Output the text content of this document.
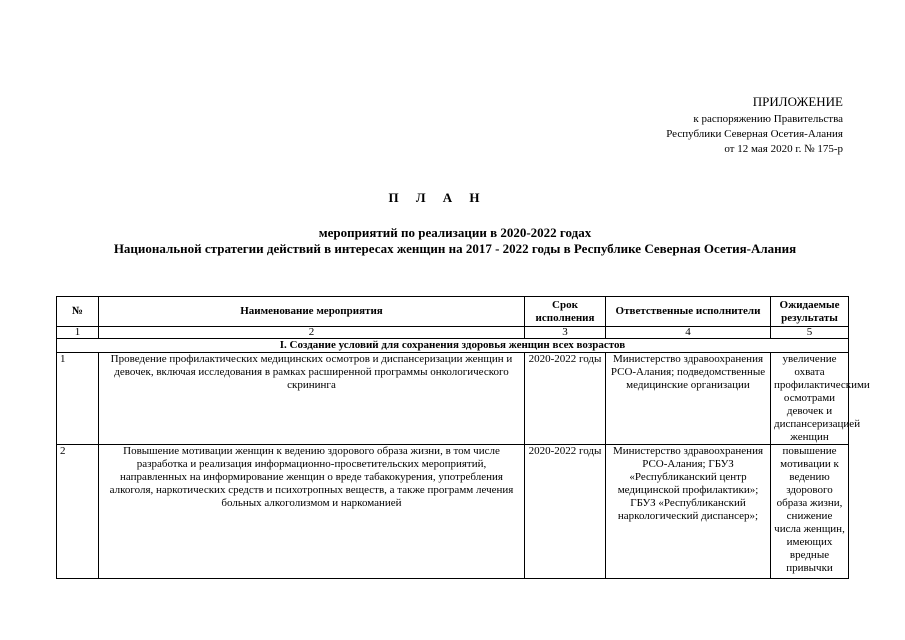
ПРИЛОЖЕНИЕ
к распоряжению Правительства
Республики Северная Осетия-Алания
от 12 мая 2020 г. № 175-р
П Л А Н
мероприятий по реализации в 2020-2022 годах
Национальной стратегии действий в интересах женщин на 2017 - 2022 годы в Республике Северная Осетия-Алания
№	Наименование мероприятия	Срок исполнения	Ответственные исполнители	Ожидаемые результаты
1	2	3	4	5
I. Создание условий для сохранения здоровья женщин всех возрастов				
1	Проведение профилактических медицинских осмотров и диспансеризации женщин и девочек, включая исследования в рамках расширенной программы онкологического скрининга	2020-2022 годы	Министерство здравоохранения РСО-Алания; подведомственные медицинские организации	увеличение охвата профилактическими осмотрами девочек и диспансеризацией женщин
2	Повышение мотивации женщин к ведению здорового образа жизни, в том числе разработка и реализация информационно-просветительских мероприятий, направленных на информирование женщин о вреде табакокурения, употребления алкоголя, наркотических средств и психотропных веществ, а также программ лечения больных алкоголизмом и наркоманией	2020-2022 годы	Министерство здравоохранения РСО-Алания; ГБУЗ «Республиканский центр медицинской профилактики»; ГБУЗ «Республиканский наркологический диспансер»;	повышение мотивации к ведению здорового образа жизни, снижение числа женщин, имеющих вредные привычки
